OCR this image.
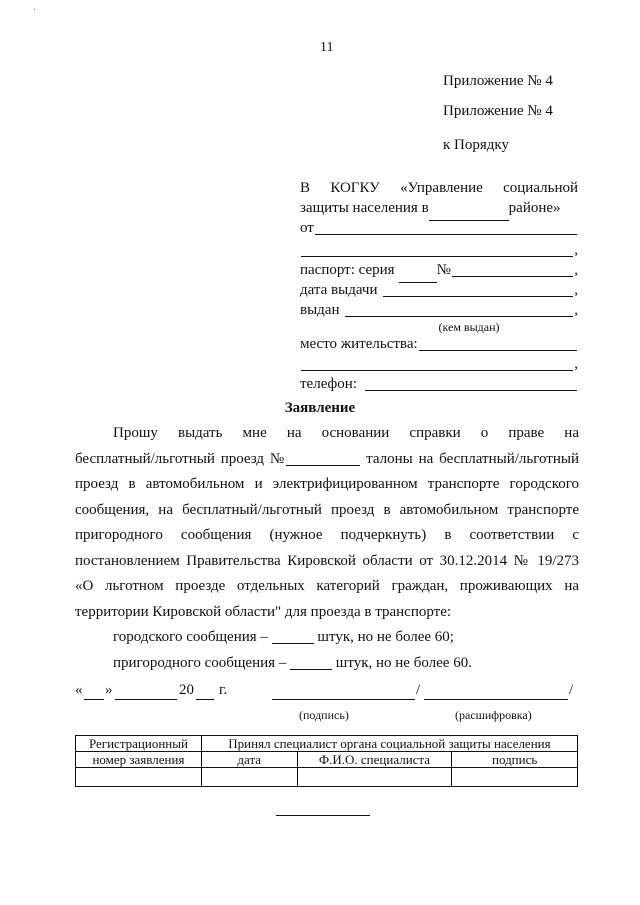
·
11
Приложение № 4
Приложение № 4
к Порядку
В КОГКУ «Управление социальной
защиты населения в	районе»
от
,
паспорт: серия	№	,
дата выдачи	,
выдан	,
(кем выдан)
место жительства:
,
телефон:
Заявление
Прошу выдать мне на основании справки о праве на
бесплатный/льготный проезд №	талоны на бесплатный/льготный
проезд в автомобильном и электрифицированном транспорте городского
сообщения, на бесплатный/льготный проезд в автомобильном транспорте
пригородного сообщения (нужное подчеркнуть) в соответствии с
постановлением Правительства Кировской области от 30.12.2014 № 19/273
«О льготном проезде отдельных категорий граждан, проживающих на
территории Кировской области" для проезда в транспорте:
городского сообщения –	штук, но не более 60;
пригородного сообщения –	штук, но не более 60.
« »	20 г.	/	/
(подпись)	(расшифровка)
Регистрационный	Принял специалист органа социальной защиты населения		
номер заявления	дата	Ф.И.О. специалиста	подпись
